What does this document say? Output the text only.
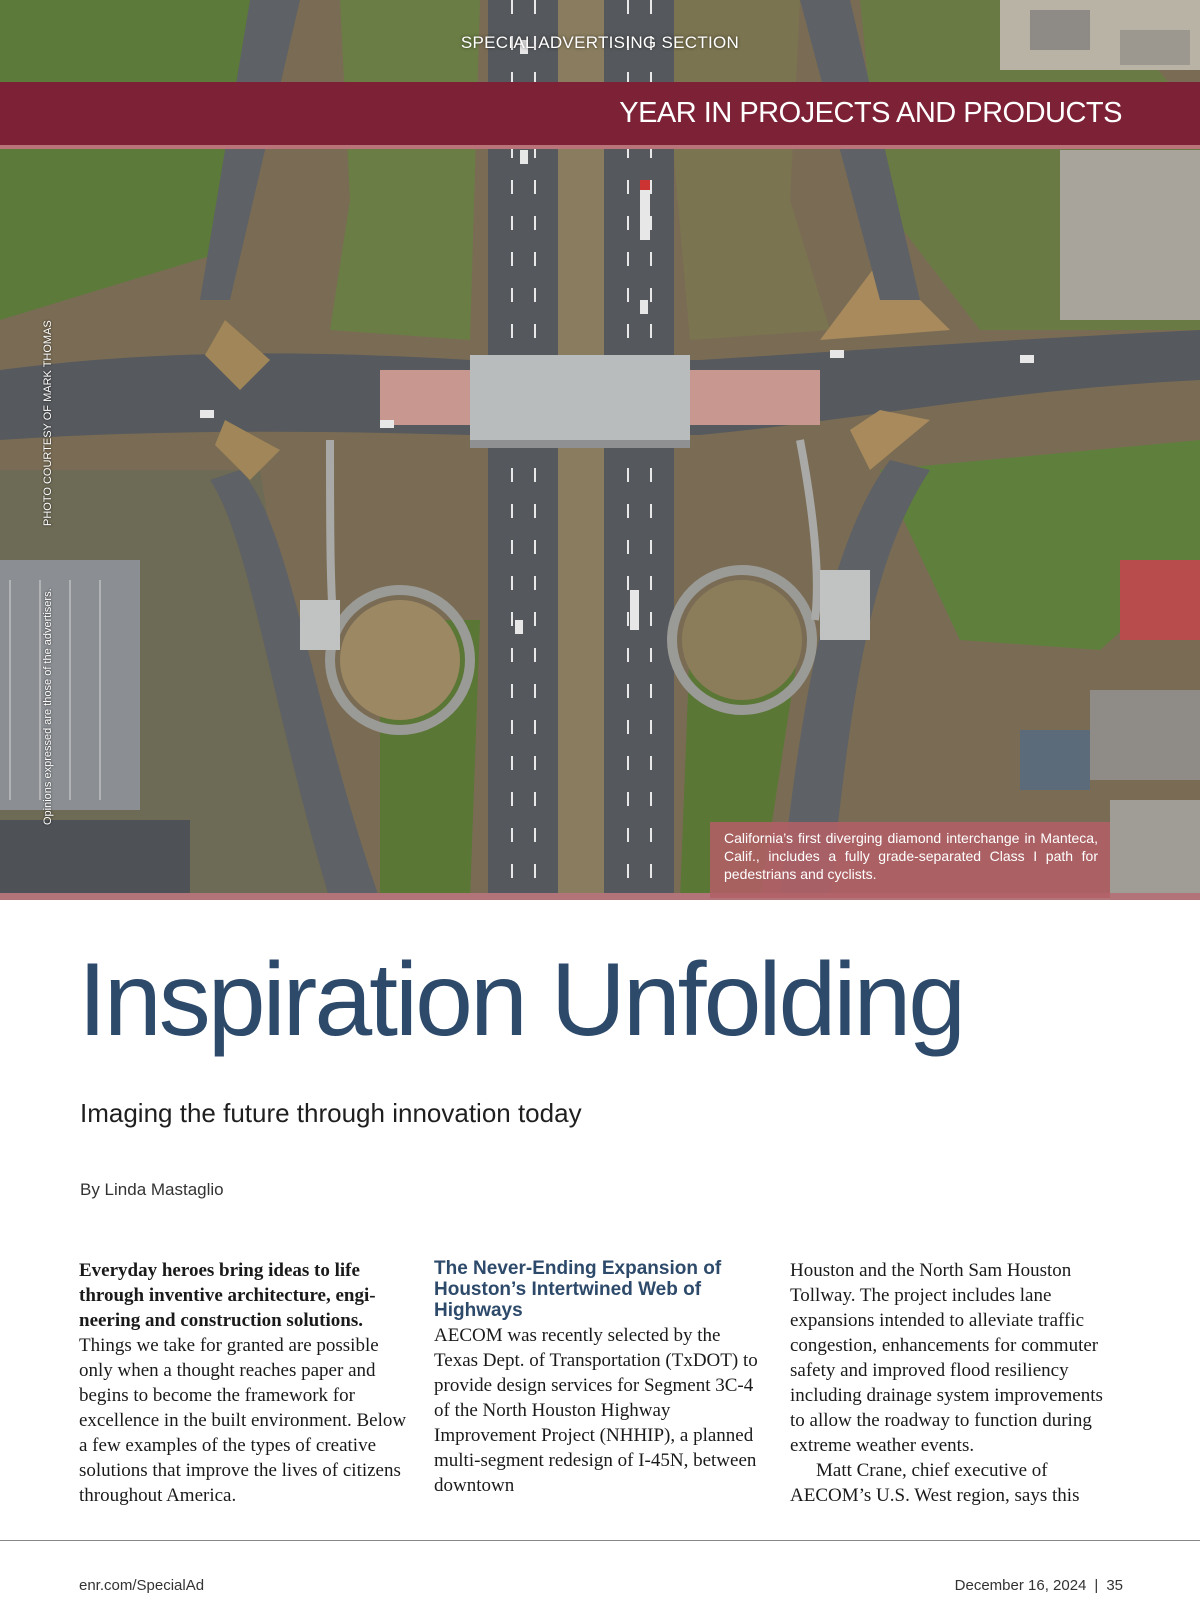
SPECIAL ADVERTISING SECTION
YEAR IN PROJECTS AND PRODUCTS
PHOTO COURTESY OF MARK THOMAS
Opinions expressed are those of the advertisers.
California’s first diverging diamond interchange in Manteca, Calif., includes a fully grade-separated Class I path for pedestrians and cyclists.
Inspiration Unfolding
Imaging the future through innovation today
By Linda Mastaglio

Everyday heroes bring ideas to life through inventive architecture, engineering and construction solutions. Things we take for granted are possible only when a thought reaches paper and begins to become the framework for excellence in the built environment. Below a few examples of the types of creative solutions that improve the lives of citizens throughout America.

The Never-Ending Expansion of Houston’s Intertwined Web of Highways

AECOM was recently selected by the Texas Dept. of Transportation (TxDOT) to provide design services for Segment 3C-4 of the North Houston Highway Improvement Project (NHHIP), a planned multi-segment redesign of I-45N, between downtown

Houston and the North Sam Houston Tollway. The project includes lane expansions intended to alleviate traffic congestion, enhancements for commuter safety and improved flood resiliency including drainage system improvements to allow the roadway to function during extreme weather events.

Matt Crane, chief executive of AECOM’s U.S. West region, says this

enr.com/SpecialAd	December 16, 2024 | 35
